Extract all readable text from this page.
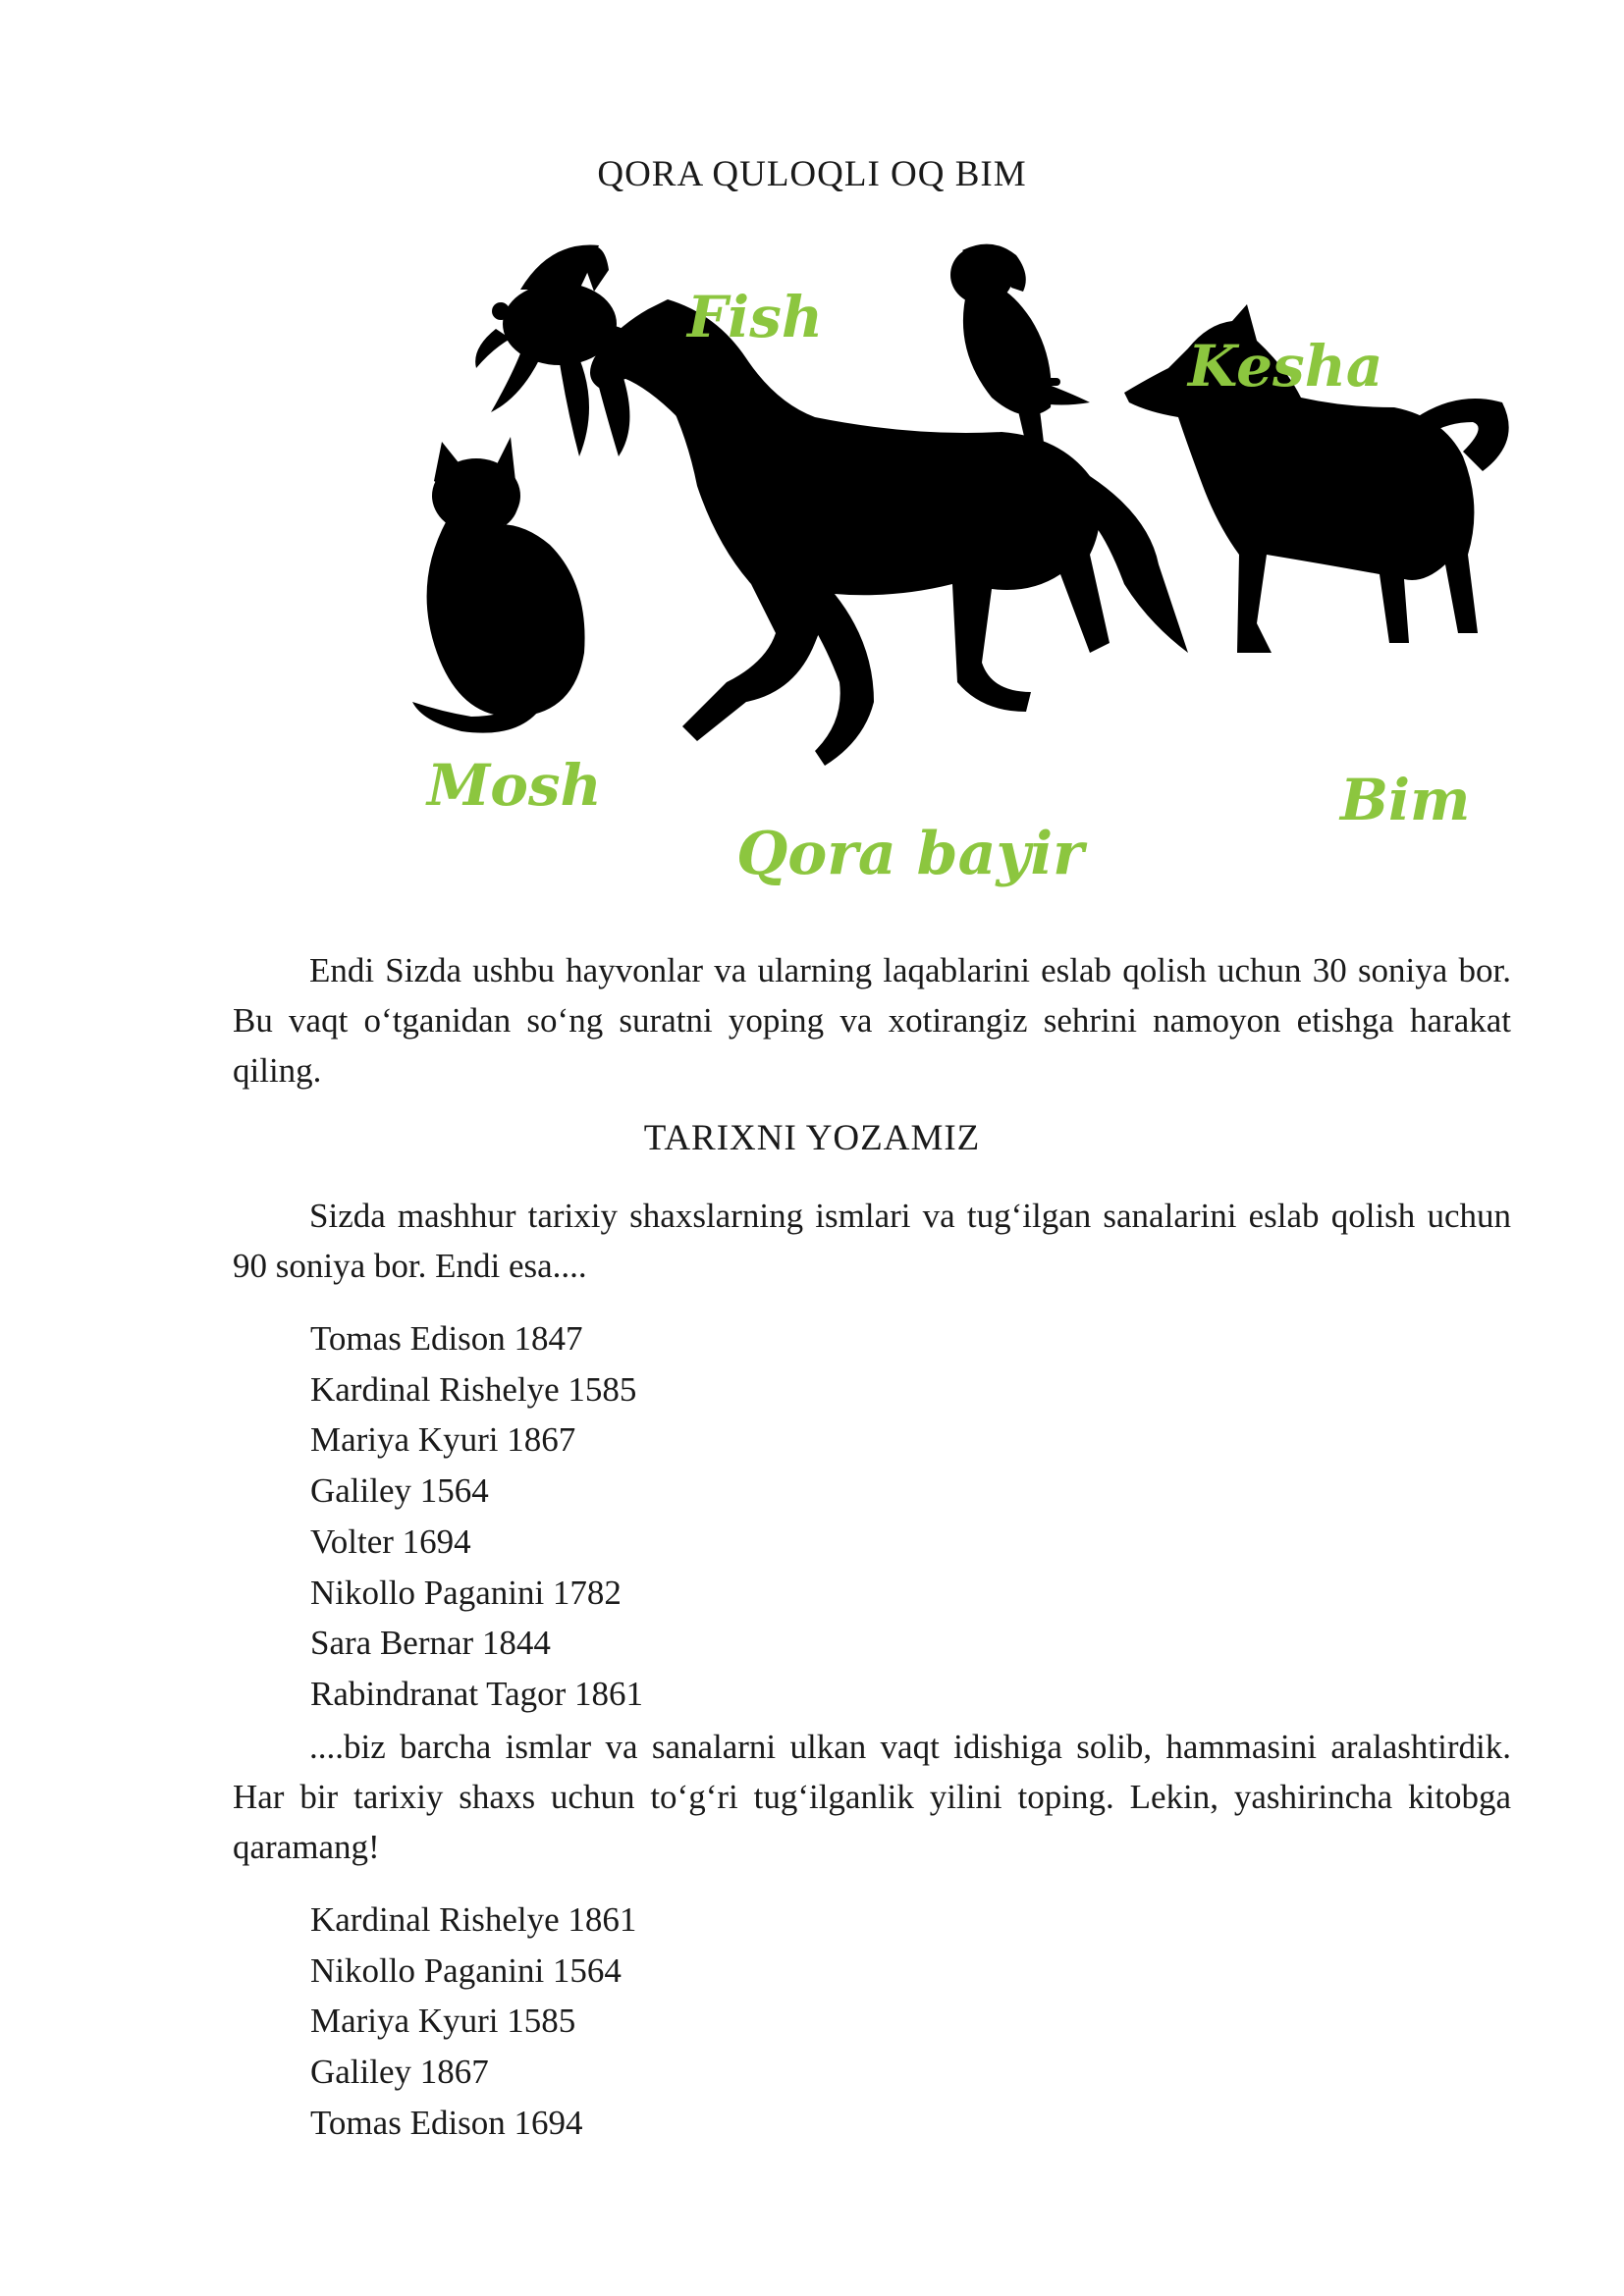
QORA QULOQLI OQ BIM
Fish
Kesha
Mosh
Qora bayir
Bim

Endi Sizda ushbu hayvonlar va ularning laqablarini eslab qolish uchun 30 soniya bor. Bu vaqt o‘tganidan so‘ng suratni yoping va xotirangiz sehrini namoyon etishga harakat qiling.

TARIXNI YOZAMIZ

Sizda mashhur tarixiy shaxslarning ismlari va tug‘ilgan sanalarini eslab qolish uchun 90 soniya bor. Endi esa....

Tomas Edison 1847
Kardinal Rishelye 1585
Mariya Kyuri 1867
Galiley 1564
Volter 1694
Nikollo Paganini 1782
Sara Bernar 1844
Rabindranat Tagor 1861

....biz barcha ismlar va sanalarni ulkan vaqt idishiga solib, hammasini aralashtirdik. Har bir tarixiy shaxs uchun to‘g‘ri tug‘ilganlik yilini toping. Lekin, yashirincha kitobga qaramang!

Kardinal Rishelye 1861
Nikollo Paganini 1564
Mariya Kyuri 1585
Galiley 1867
Tomas Edison 1694
